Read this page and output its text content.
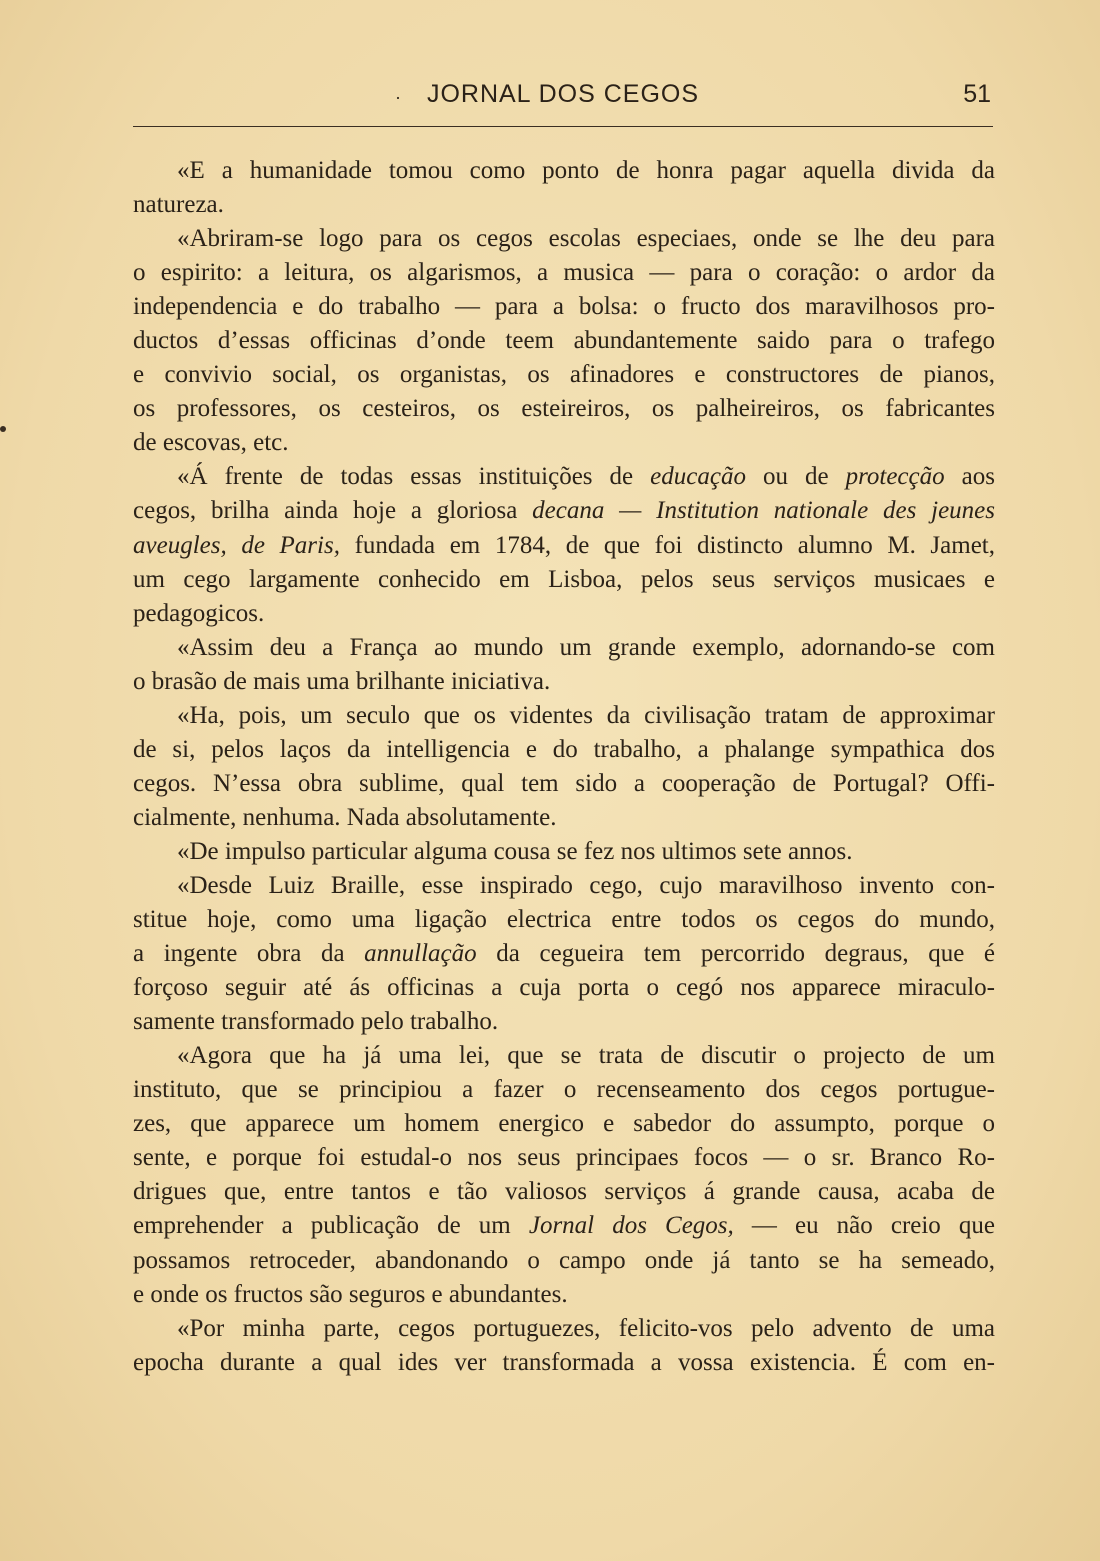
·	JORNAL DOS CEGOS	51
«E a humanidade tomou como ponto de honra pagar aquella divida da
natureza.
«Abriram-se logo para os cegos escolas especiaes, onde se lhe deu para
o espirito: a leitura, os algarismos, a musica — para o coração: o ardor da
independencia e do trabalho — para a bolsa: o fructo dos maravilhosos pro-
ductos d’essas officinas d’onde teem abundantemente saido para o trafego
e convivio social, os organistas, os afinadores e constructores de pianos,
os professores, os cesteiros, os esteireiros, os palheireiros, os fabricantes
de escovas, etc.
«Á frente de todas essas instituições de educação ou de protecção aos
cegos, brilha ainda hoje a gloriosa decana — Institution nationale des jeunes
aveugles, de Paris, fundada em 1784, de que foi distincto alumno M. Jamet,
um cego largamente conhecido em Lisboa, pelos seus serviços musicaes e
pedagogicos.
«Assim deu a França ao mundo um grande exemplo, adornando-se com
o brasão de mais uma brilhante iniciativa.
«Ha, pois, um seculo que os videntes da civilisação tratam de approximar
de si, pelos laços da intelligencia e do trabalho, a phalange sympathica dos
cegos. N’essa obra sublime, qual tem sido a cooperação de Portugal? Offi-
cialmente, nenhuma. Nada absolutamente.
«De impulso particular alguma cousa se fez nos ultimos sete annos.
«Desde Luiz Braille, esse inspirado cego, cujo maravilhoso invento con-
stitue hoje, como uma ligação electrica entre todos os cegos do mundo,
a ingente obra da annullação da cegueira tem percorrido degraus, que é
forçoso seguir até ás officinas a cuja porta o cegó nos apparece miraculo-
samente transformado pelo trabalho.
«Agora que ha já uma lei, que se trata de discutir o projecto de um
instituto, que se principiou a fazer o recenseamento dos cegos portugue-
zes, que apparece um homem energico e sabedor do assumpto, porque o
sente, e porque foi estudal-o nos seus principaes focos — o sr. Branco Ro-
drigues que, entre tantos e tão valiosos serviços á grande causa, acaba de
emprehender a publicação de um Jornal dos Cegos, — eu não creio que
possamos retroceder, abandonando o campo onde já tanto se ha semeado,
e onde os fructos são seguros e abundantes.
«Por minha parte, cegos portuguezes, felicito-vos pelo advento de uma
epocha durante a qual ides ver transformada a vossa existencia. É com en-
